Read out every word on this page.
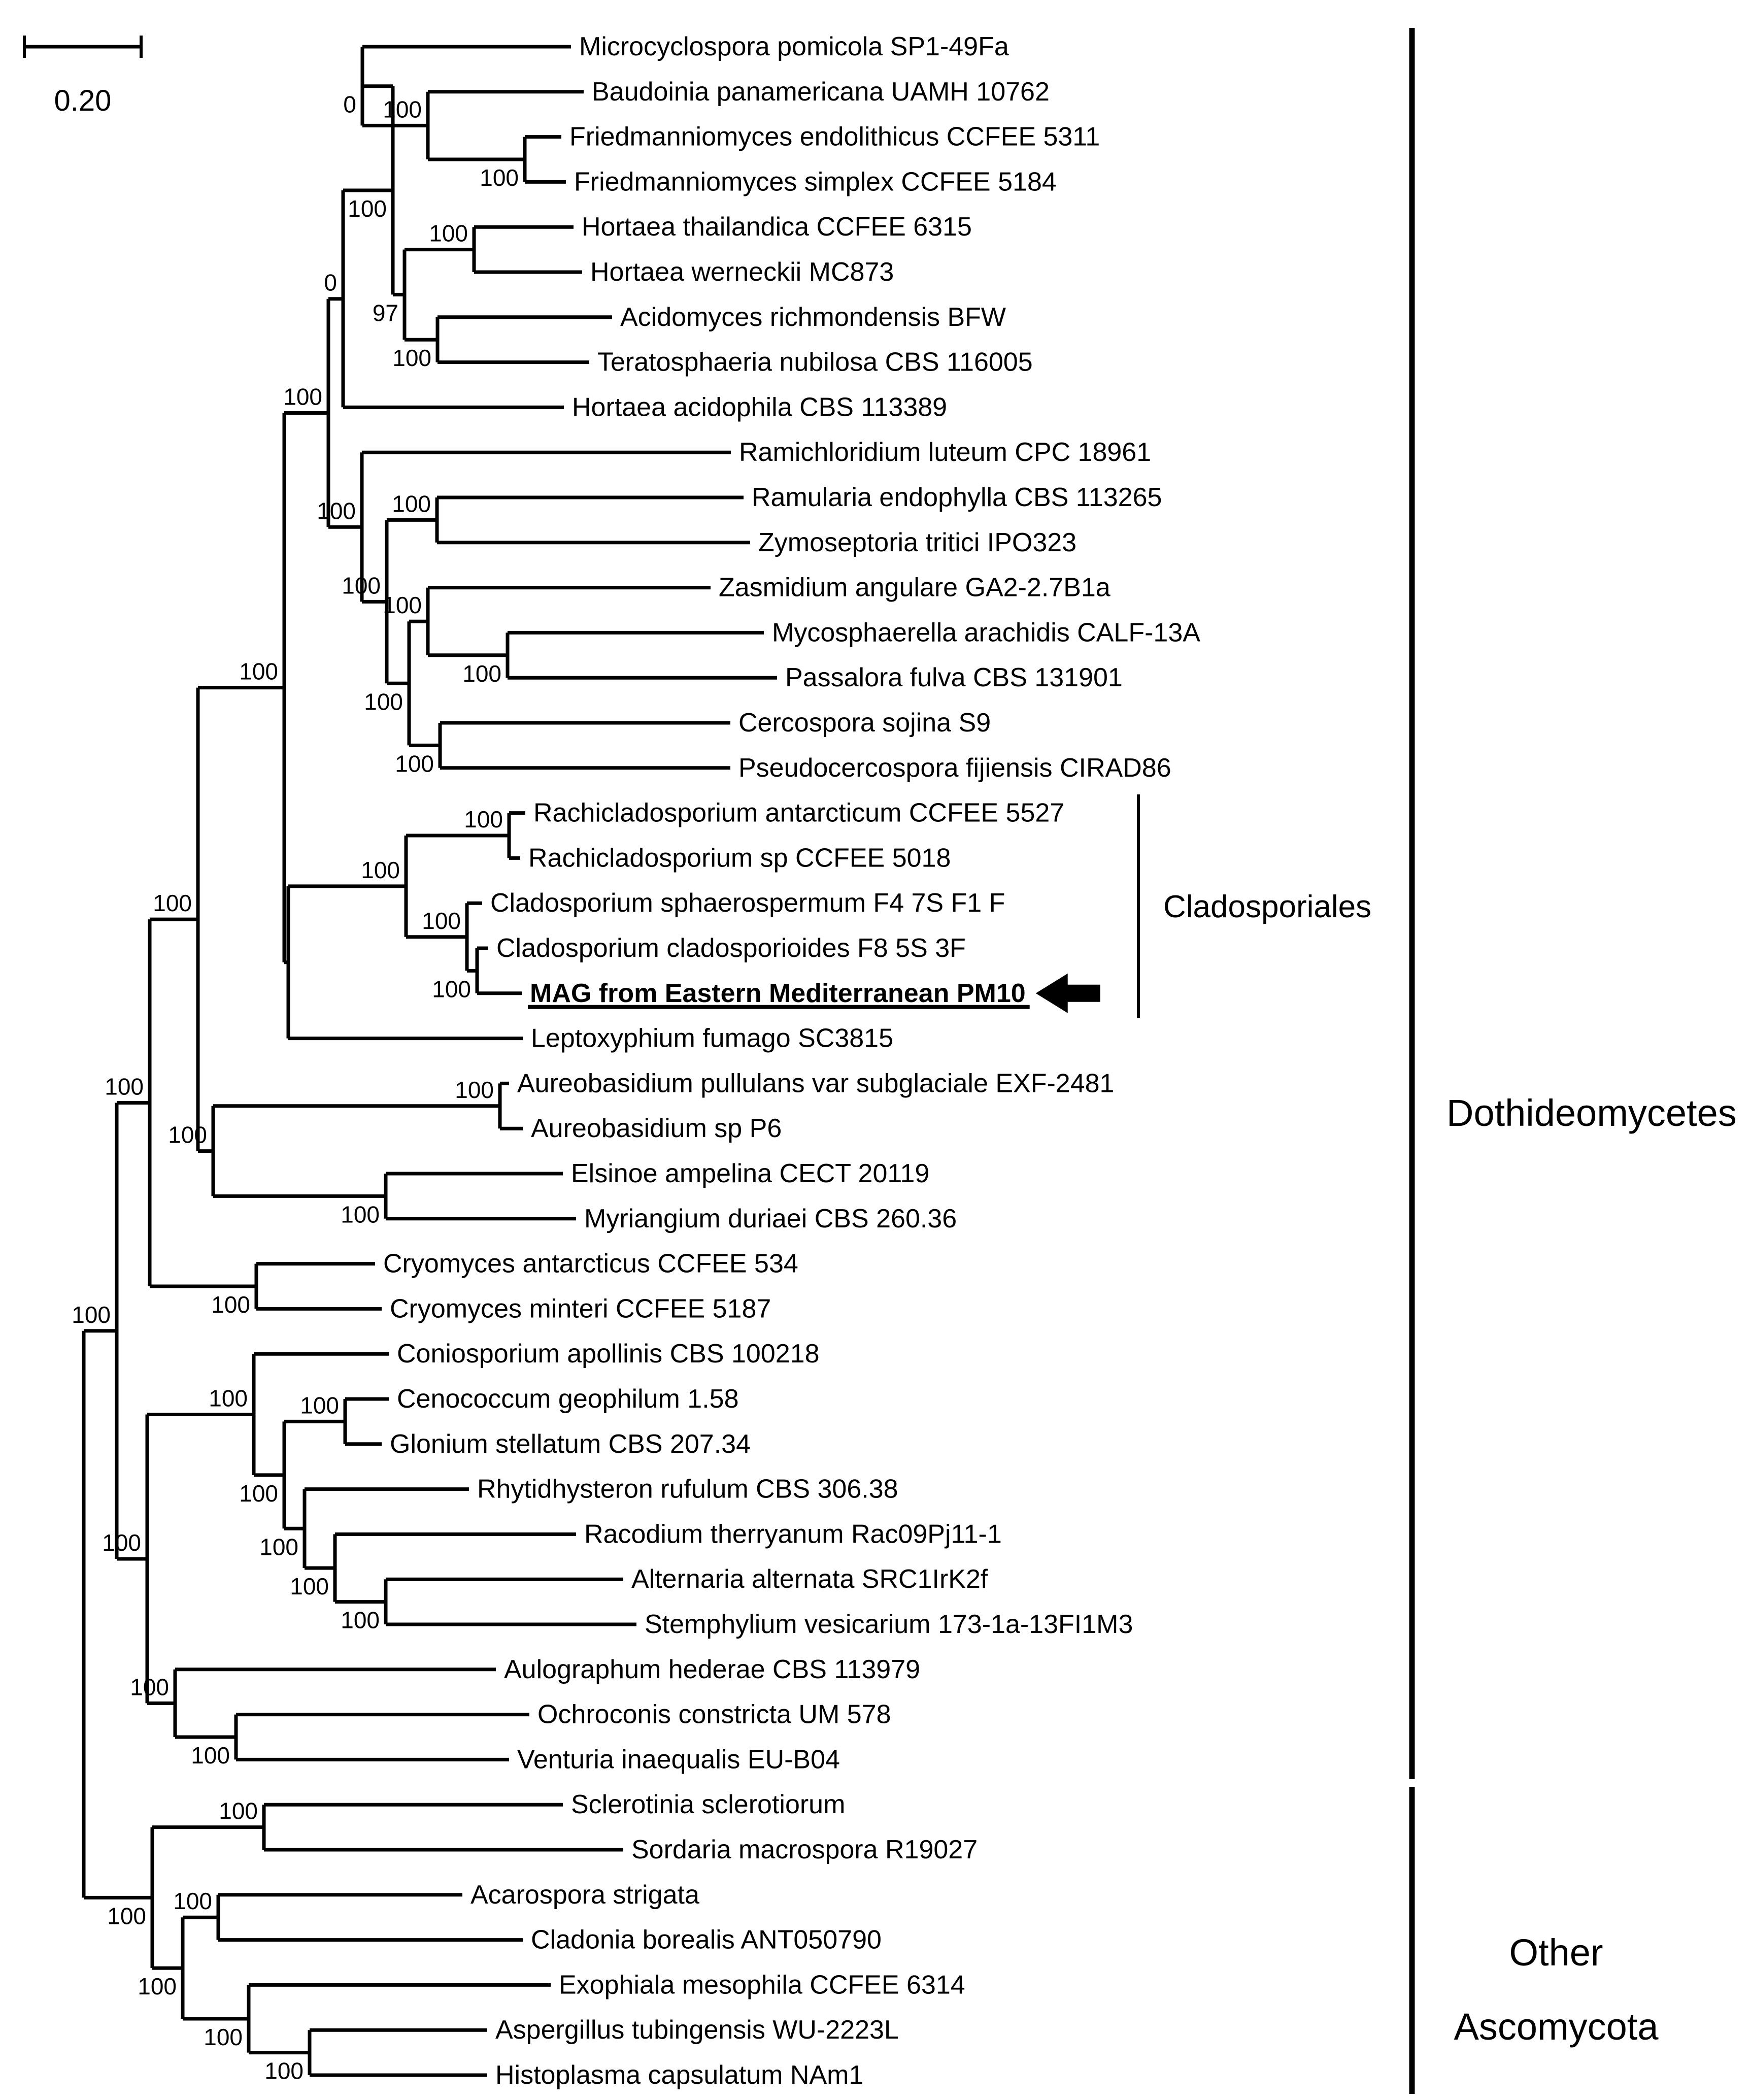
0.20
100
100
100
100
100
0
100
0
Microcyclospora pomicola SP1-49Fa
100
Baudoinia panamericana UAMH 10762
100
Friedmanniomyces endolithicus CCFEE 5311
Friedmanniomyces simplex CCFEE 5184
97
100	Hortaea thailandica CCFEE 6315
Hortaea werneckii MC873
100
Acidomyces richmondensis BFW
Teratosphaeria nubilosa CBS 116005
Hortaea acidophila CBS 113389
100
Ramichloridium luteum CPC 18961
100
100	Ramularia endophylla CBS 113265
Zymoseptoria tritici IPO323
100
100
Zasmidium angulare GA2-2.7B1a
100
Mycosphaerella arachidis CALF-13A
Passalora fulva CBS 131901
100
Cercospora sojina S9
Pseudocercospora fijiensis CIRAD86
100
100 Rachicladosporium antarcticum CCFEE 5527
Rachicladosporium sp CCFEE 5018
100
Cladosporium sphaerospermum F4 7S F1 F
100
Cladosporium cladosporioides F8 5S 3F
MAG from Eastern Mediterranean PM10
Leptoxyphium fumago SC3815
100
100 Aureobasidium pullulans var subglaciale EXF-2481
Aureobasidium sp P6
100
Elsinoe ampelina CECT 20119
Myriangium duriaei CBS 260.36
100
Cryomyces antarcticus CCFEE 534
Cryomyces minteri CCFEE 5187
100
100
Coniosporium apollinis CBS 100218
100
100 Cenococcum geophilum 1.58
Glonium stellatum CBS 207.34
100
Rhytidhysteron rufulum CBS 306.38
100
Racodium therryanum Rac09Pj11-1
100
Alternaria alternata SRC1IrK2f
Stemphylium vesicarium 173-1a-13FI1M3
100
Aulographum hederae CBS 113979
100
Ochroconis constricta UM 578
Venturia inaequalis EU-B04
100
100	Sclerotinia sclerotiorum
Sordaria macrospora R19027
100
100	Acarospora strigata
Cladonia borealis ANT050790
100
Exophiala mesophila CCFEE 6314
100
Aspergillus tubingensis WU-2223L
Histoplasma capsulatum NAm1
Cladosporiales
Dothideomycetes
Other
Ascomycota
